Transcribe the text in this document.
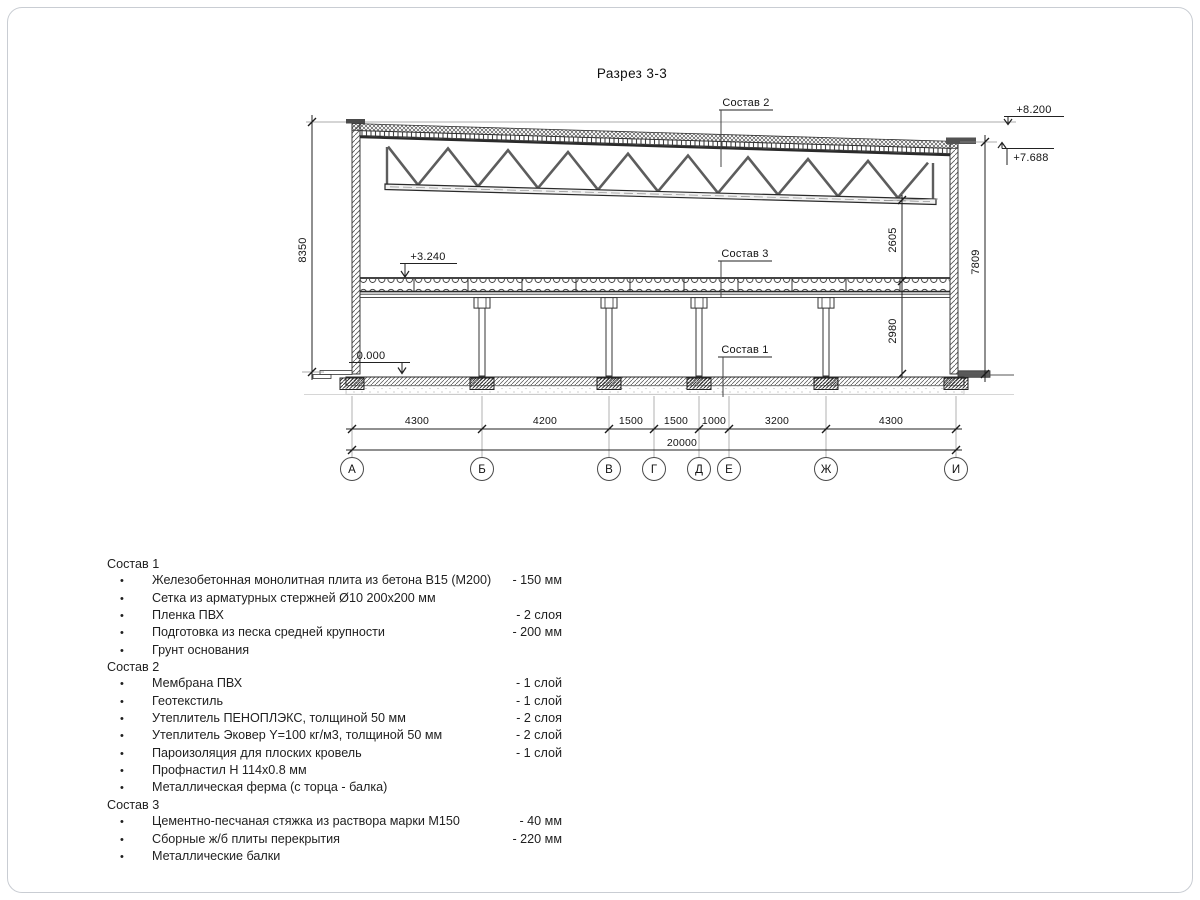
Разрез 3-3
8350	2605
2980
7809
+8.200
+7.688
+3.240
0.000
Состав 2
Состав 3
Состав 1
4300	4200	1500 1500 1000	3200	4300
20000
А	Б	В	Г	Д Е	Ж	И
Состав 1
•	Железобетонная монолитная плита из бетона В15 (М200)	- 150 мм
•	Сетка из арматурных стержней Ø10 200х200 мм
•	Пленка ПВХ	- 2 слоя
•	Подготовка из песка средней крупности	- 200 мм
•	Грунт основания
Состав 2
•	Мембрана ПВХ	- 1 слой
•	Геотекстиль	- 1 слой
•	Утеплитель ПЕНОПЛЭКС, толщиной 50 мм	- 2 слоя
•	Утеплитель Эковер Y=100 кг/м3, толщиной 50 мм	- 2 слой
•	Пароизоляция для плоских кровель	- 1 слой
•	Профнастил Н 114х0.8 мм
•	Металлическая ферма (с торца - балка)
Состав 3
•	Цементно-песчаная стяжка из раствора марки М150	- 40 мм
•	Сборные ж/б плиты перекрытия	- 220 мм
•	Металлические балки
